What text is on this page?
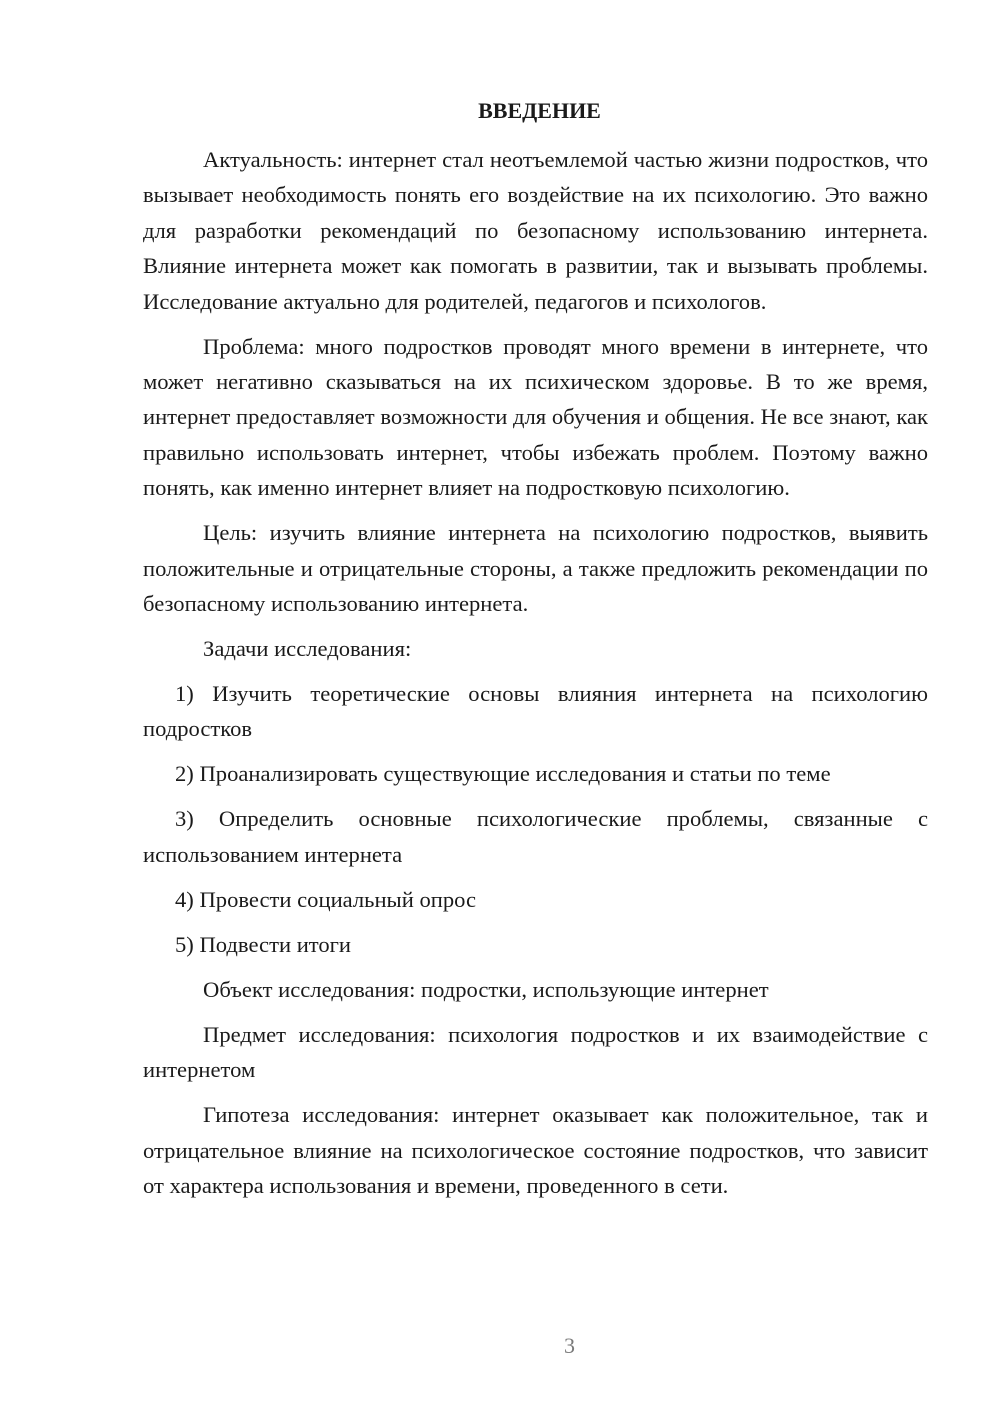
ВВЕДЕНИЕ

Актуальность: интернет стал неотъемлемой частью жизни подростков, что вызывает необходимость понять его воздействие на их психологию. Это важно для разработки рекомендаций по безопасному использованию интернета. Влияние интернета может как помогать в развитии, так и вызывать проблемы. Исследование актуально для родителей, педагогов и психологов.

Проблема: много подростков проводят много времени в интернете, что может негативно сказываться на их психическом здоровье. В то же время, интернет предоставляет возможности для обучения и общения. Не все знают, как правильно использовать интернет, чтобы избежать проблем. Поэтому важно понять, как именно интернет влияет на подростковую психологию.

Цель: изучить влияние интернета на психологию подростков, выявить положительные и отрицательные стороны, а также предложить рекомендации по безопасному использованию интернета.

Задачи исследования:

1) Изучить теоретические основы влияния интернета на психологию подростков

2) Проанализировать существующие исследования и статьи по теме

3) Определить основные психологические проблемы, связанные с использованием интернета

4) Провести социальный опрос

5) Подвести итоги

Объект исследования: подростки, использующие интернет

Предмет исследования: психология подростков и их взаимодействие с интернетом

Гипотеза исследования: интернет оказывает как положительное, так и отрицательное влияние на психологическое состояние подростков, что зависит от характера использования и времени, проведенного в сети.

3
